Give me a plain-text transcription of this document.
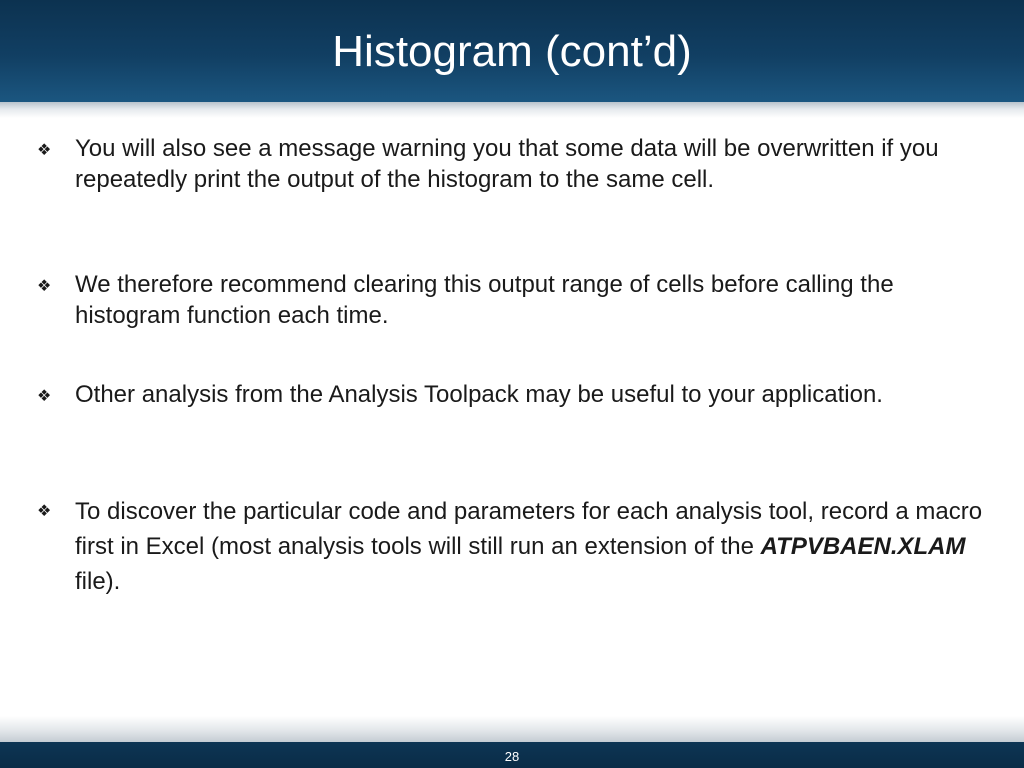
Histogram (cont’d)
❖ You will also see a message warning you that some data will be overwritten if you repeatedly print the output of the histogram to the same cell.
❖ We therefore recommend clearing this output range of cells before calling the histogram function each time.
❖ Other analysis from the Analysis Toolpack may be useful to your application.
❖ To discover the particular code and parameters for each analysis tool, record a macro first in Excel (most analysis tools will still run an extension of the ATPVBAEN.XLAM file).
28
